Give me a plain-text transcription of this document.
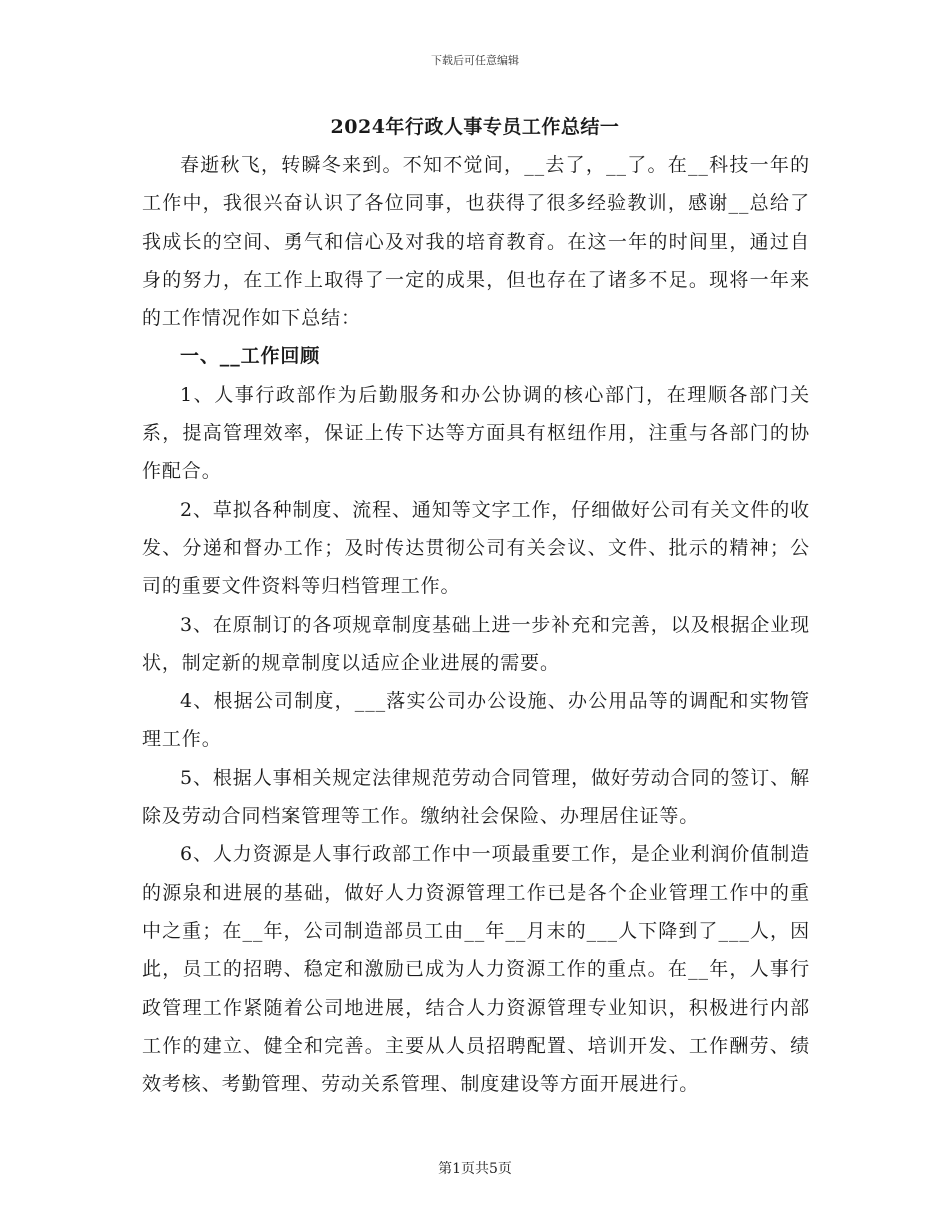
下载后可任意编辑
2024年行政人事专员工作总结一

春逝秋飞，转瞬冬来到。不知不觉间，__去了，__了。在__科技一年的工作中，我很兴奋认识了各位同事，也获得了很多经验教训，感谢__总给了我成长的空间、勇气和信心及对我的培育教育。在这一年的时间里，通过自身的努力，在工作上取得了一定的成果，但也存在了诸多不足。现将一年来的工作情况作如下总结：

一、__工作回顾

1、人事行政部作为后勤服务和办公协调的核心部门，在理顺各部门关系，提高管理效率，保证上传下达等方面具有枢纽作用，注重与各部门的协作配合。

2、草拟各种制度、流程、通知等文字工作，仔细做好公司有关文件的收发、分递和督办工作；及时传达贯彻公司有关会议、文件、批示的精神；公司的重要文件资料等归档管理工作。

3、在原制订的各项规章制度基础上进一步补充和完善，以及根据企业现状，制定新的规章制度以适应企业进展的需要。

4、根据公司制度，___落实公司办公设施、办公用品等的调配和实物管理工作。

5、根据人事相关规定法律规范劳动合同管理，做好劳动合同的签订、解除及劳动合同档案管理等工作。缴纳社会保险、办理居住证等。

6、人力资源是人事行政部工作中一项最重要工作，是企业利润价值制造的源泉和进展的基础，做好人力资源管理工作已是各个企业管理工作中的重中之重；在__年，公司制造部员工由__年__月末的___人下降到了___人，因此，员工的招聘、稳定和激励已成为人力资源工作的重点。在__年，人事行政管理工作紧随着公司地进展，结合人力资源管理专业知识，积极进行内部工作的建立、健全和完善。主要从人员招聘配置、培训开发、工作酬劳、绩效考核、考勤管理、劳动关系管理、制度建设等方面开展进行。

第1页共5页
